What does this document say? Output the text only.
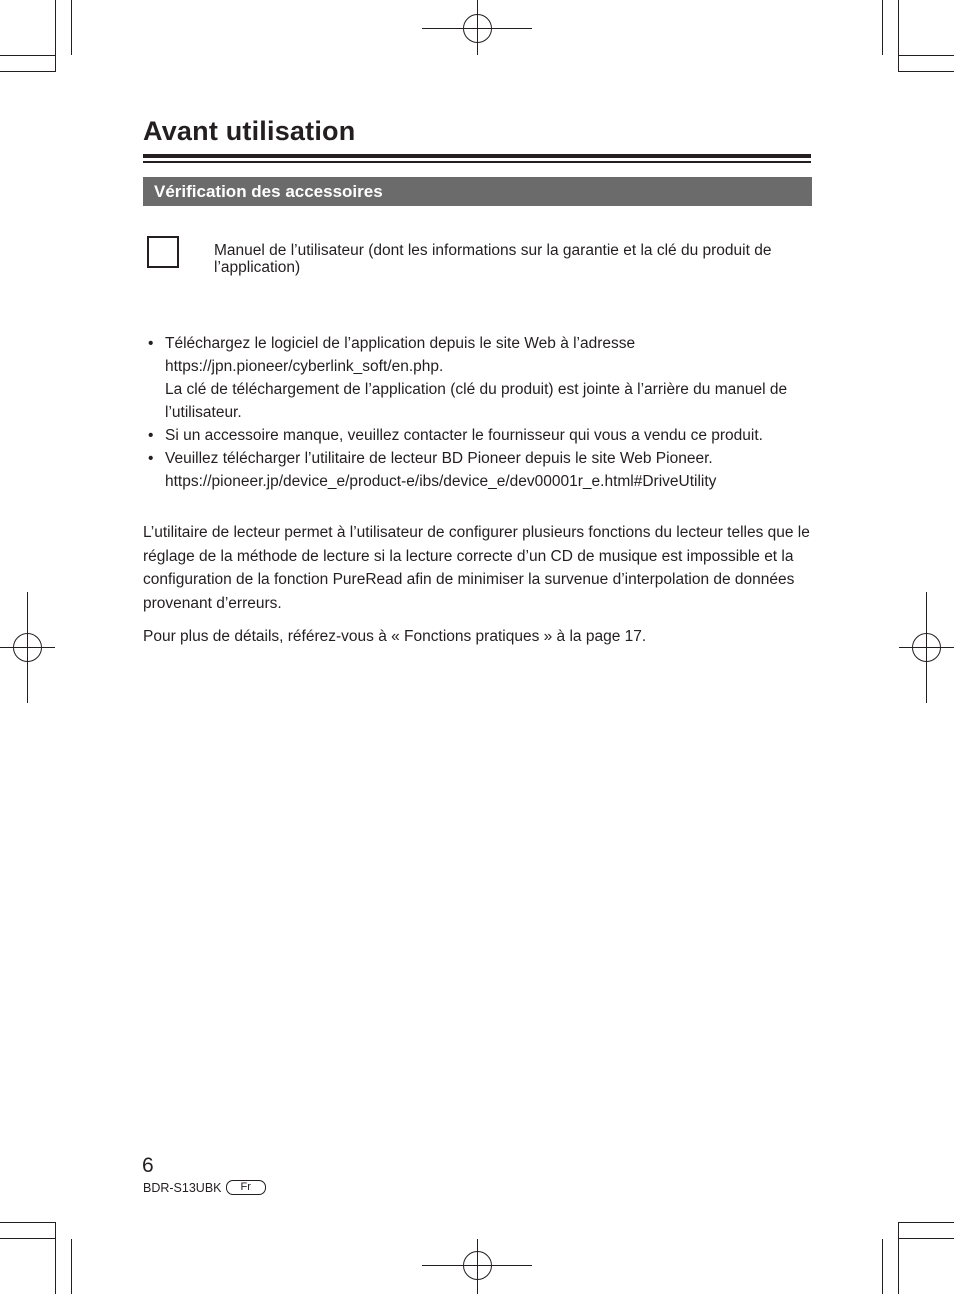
Avant utilisation
Vérification des accessoires
Manuel de l’utilisateur (dont les informations sur la garantie et la clé du produit de l’application)
• Téléchargez le logiciel de l’application depuis le site Web à l’adresse
https://jpn.pioneer/cyberlink_soft/en.php.
La clé de téléchargement de l’application (clé du produit) est jointe à l’arrière du manuel de l’utilisateur.
• Si un accessoire manque, veuillez contacter le fournisseur qui vous a vendu ce produit.
• Veuillez télécharger l’utilitaire de lecteur BD Pioneer depuis le site Web Pioneer.
https://pioneer.jp/device_e/product-e/ibs/device_e/dev00001r_e.html#DriveUtility

L’utilitaire de lecteur permet à l’utilisateur de configurer plusieurs fonctions du lecteur telles que le réglage de la méthode de lecture si la lecture correcte d’un CD de musique est impossible et la configuration de la fonction PureRead afin de minimiser la survenue d’interpolation de données provenant d’erreurs.

Pour plus de détails, référez-vous à « Fonctions pratiques » à la page 17.

6
BDR-S13UBK	Fr
